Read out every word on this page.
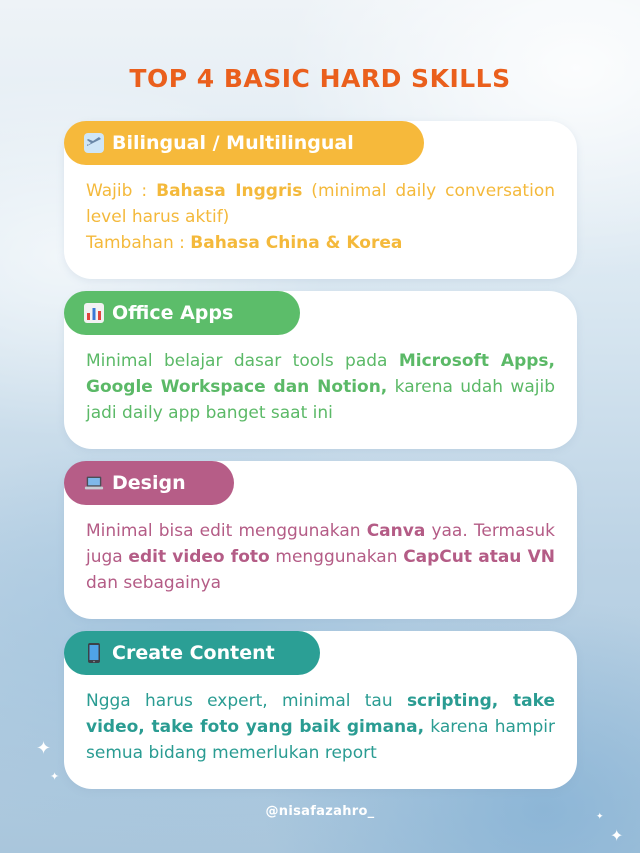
TOP 4 BASIC HARD SKILLS
Wajib : Bahasa Inggris (minimal daily conversation level harus aktif)
Tambahan : Bahasa China & Korea
Bilingual / Multilingual
Minimal belajar dasar tools pada Microsoft Apps, Google Workspace dan Notion, karena udah wajib jadi daily app banget saat ini
Office Apps
Minimal bisa edit menggunakan Canva yaa. Termasuk juga edit video foto menggunakan CapCut atau VN dan sebagainya
Design
Ngga harus expert, minimal tau scripting, take video, take foto yang baik gimana, karena hampir semua bidang memerlukan report
Create Content
@nisafazahro_
✦
✦
✦
✦
